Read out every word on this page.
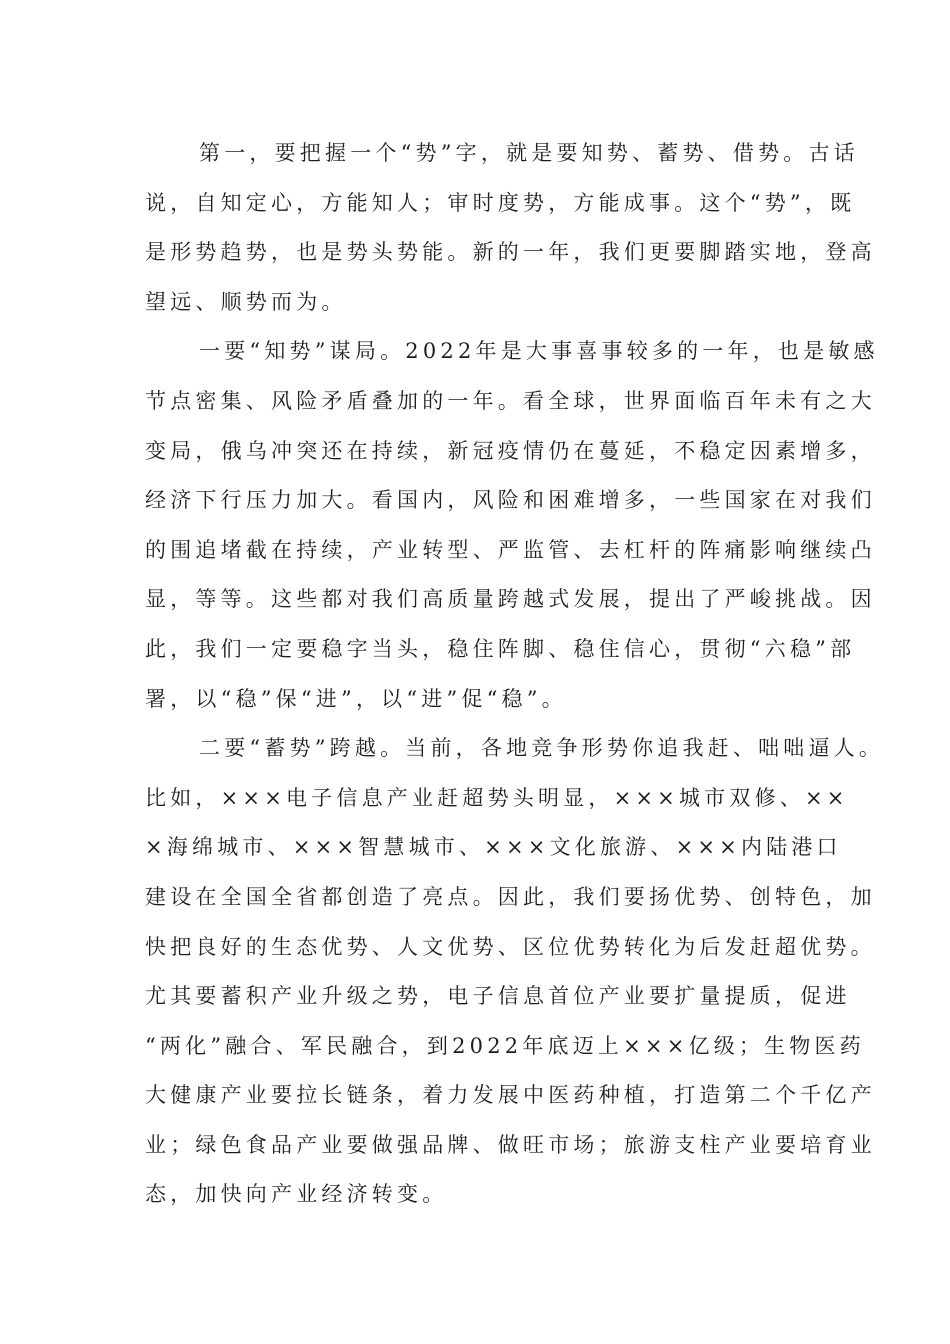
第一，要把握一个“势”字，就是要知势、蓄势、借势。古话
说，自知定心，方能知人；审时度势，方能成事。这个“势”，既
是形势趋势，也是势头势能。新的一年，我们更要脚踏实地，登高
望远、顺势而为。
一要“知势”谋局。2022年是大事喜事较多的一年，也是敏感
节点密集、风险矛盾叠加的一年。看全球，世界面临百年未有之大
变局，俄乌冲突还在持续，新冠疫情仍在蔓延，不稳定因素增多，
经济下行压力加大。看国内，风险和困难增多，一些国家在对我们
的围追堵截在持续，产业转型、严监管、去杠杆的阵痛影响继续凸
显，等等。这些都对我们高质量跨越式发展，提出了严峻挑战。因
此，我们一定要稳字当头，稳住阵脚、稳住信心，贯彻“六稳”部
署，以“稳”保“进”，以“进”促“稳”。
二要“蓄势”跨越。当前，各地竞争形势你追我赶、咄咄逼人。
比如，×××电子信息产业赶超势头明显，×××城市双修、××
×海绵城市、×××智慧城市、×××文化旅游、×××内陆港口
建设在全国全省都创造了亮点。因此，我们要扬优势、创特色，加
快把良好的生态优势、人文优势、区位优势转化为后发赶超优势。
尤其要蓄积产业升级之势，电子信息首位产业要扩量提质，促进
“两化”融合、军民融合，到2022年底迈上×××亿级；生物医药
大健康产业要拉长链条，着力发展中医药种植，打造第二个千亿产
业；绿色食品产业要做强品牌、做旺市场；旅游支柱产业要培育业
态，加快向产业经济转变。
